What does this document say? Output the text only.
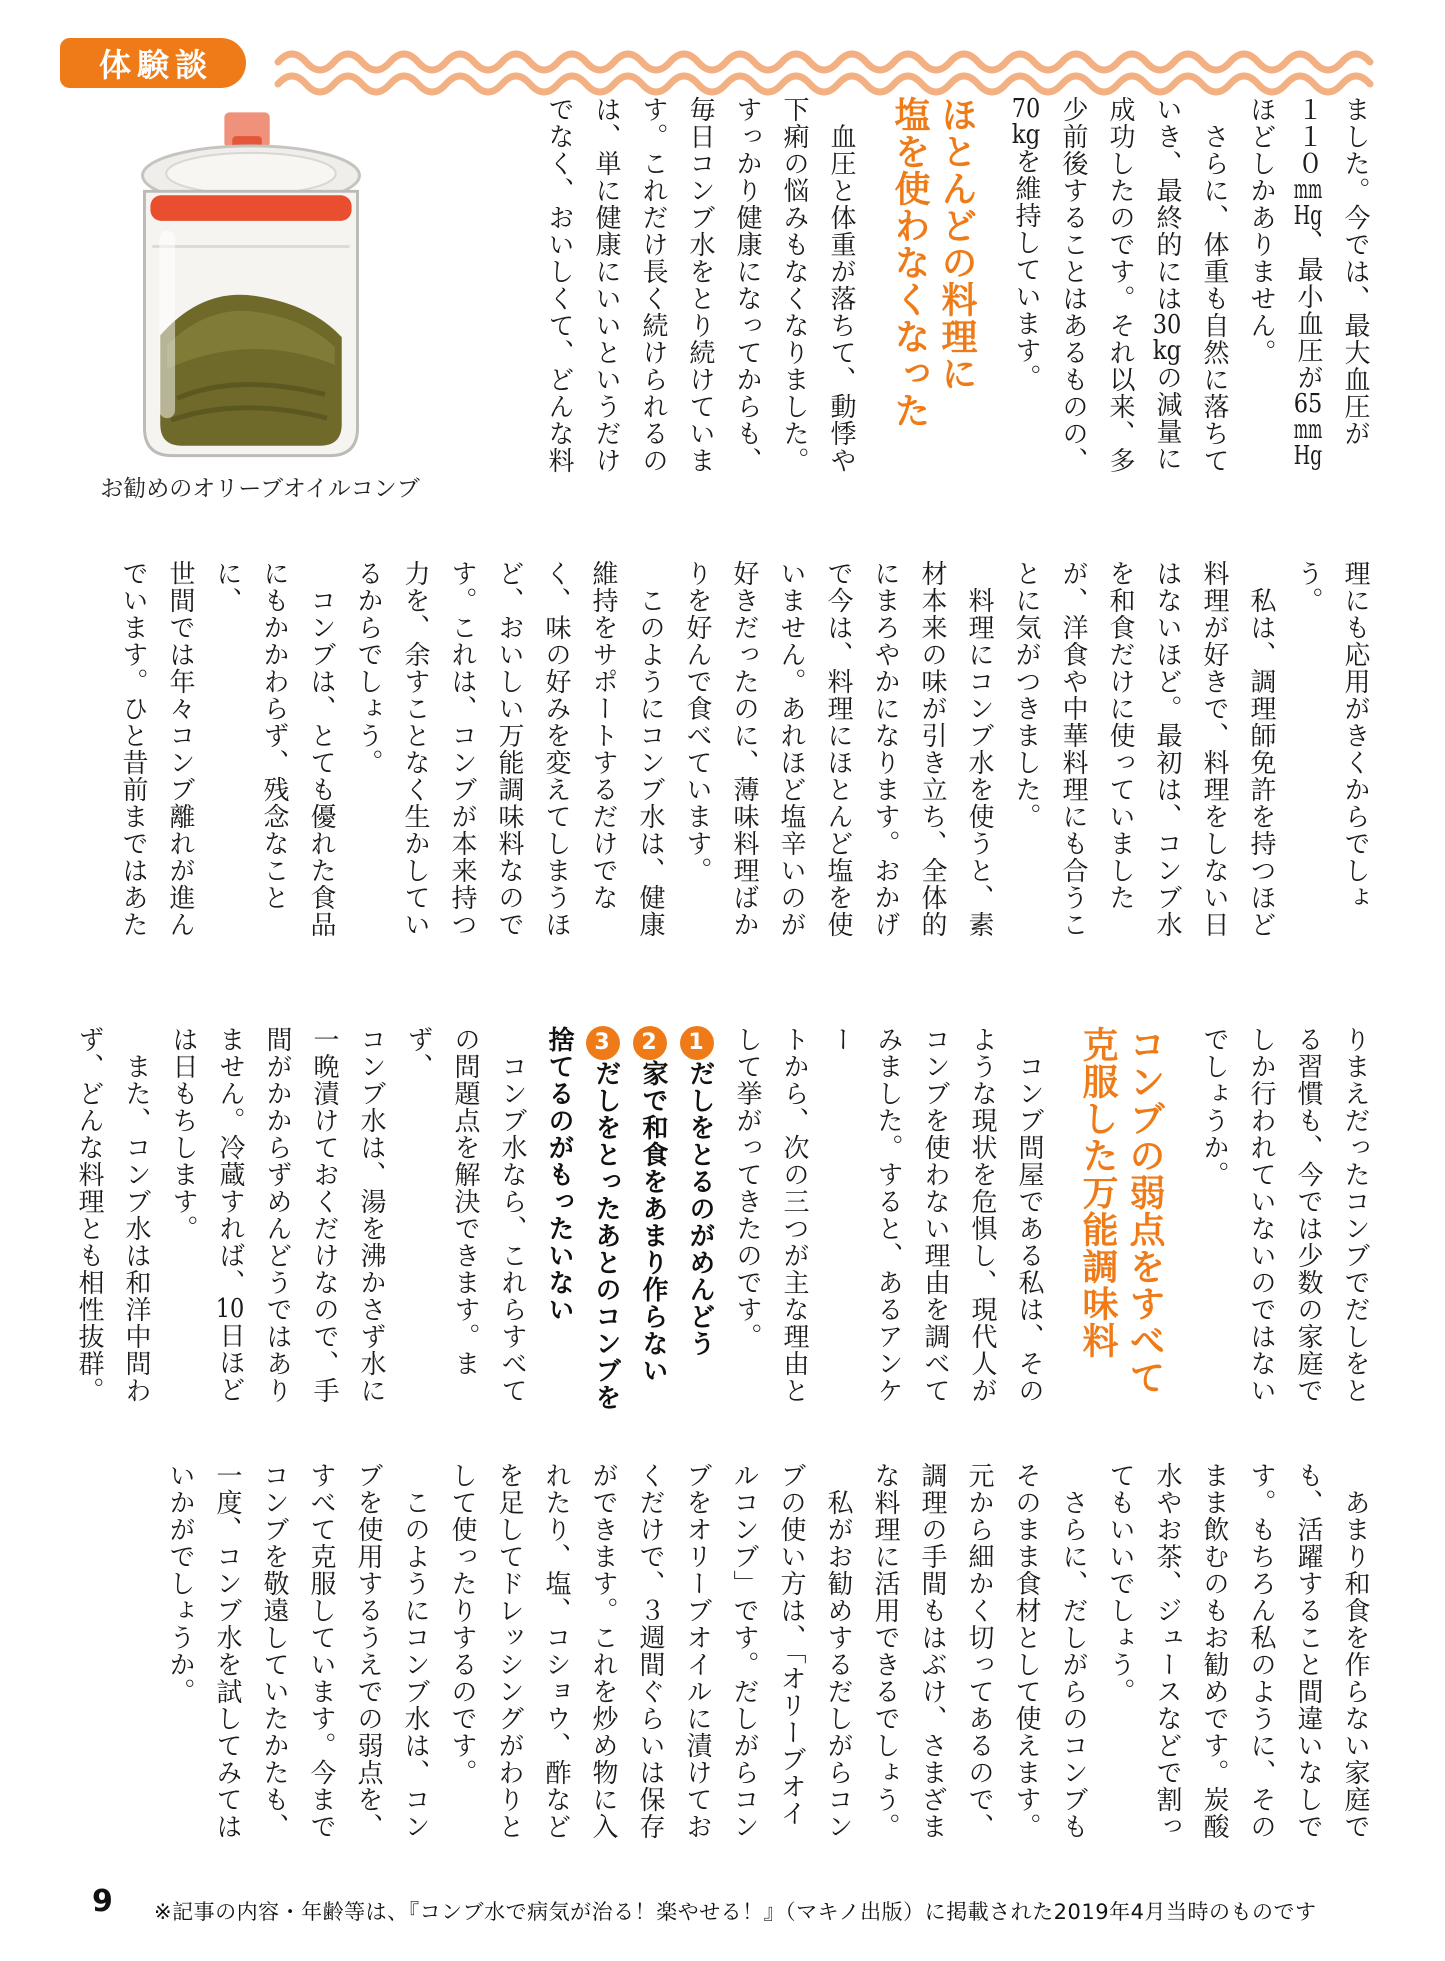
体験談
お勧めのオリーブオイルコンブ
ました。今では、最大血圧が
１１０mmHg、最小血圧が65mmHg
ほどしかありません。
　さらに、体重も自然に落ちて
いき、最終的には30kgの減量に
成功したのです。それ以来、多
少前後することはあるものの、
70kgを維持しています。
ほとんどの料理に
塩を使わなくなった
　血圧と体重が落ちて、動悸や
下痢の悩みもなくなりました。
すっかり健康になってからも、
毎日コンブ水をとり続けていま
す。これだけ長く続けられるの
は、単に健康にいいというだけ
でなく、おいしくて、どんな料
理にも応用がきくからでしょ
う。
　私は、調理師免許を持つほど
料理が好きで、料理をしない日
はないほど。最初は、コンブ水
を和食だけに使っていました
が、洋食や中華料理にも合うこ
とに気がつきました。
　料理にコンブ水を使うと、素
材本来の味が引き立ち、全体的
にまろやかになります。おかげ
で今は、料理にほとんど塩を使
いません。あれほど塩辛いのが
好きだったのに、薄味料理ばか
りを好んで食べています。
　このようにコンブ水は、健康
維持をサポートするだけでな
く、味の好みを変えてしまうほ
ど、おいしい万能調味料なので
す。これは、コンブが本来持つ
力を、余すことなく生かしてい
るからでしょう。
　コンブは、とても優れた食品
にもかかわらず、残念なことに、
世間では年々コンブ離れが進ん
でいます。ひと昔前まではあた
りまえだったコンブでだしをと
る習慣も、今では少数の家庭で
しか行われていないのではない
でしょうか。
コンブの弱点をすべて
克服した万能調味料
　コンブ問屋である私は、その
ような現状を危惧し、現代人が
コンブを使わない理由を調べて
みました。すると、あるアンケー
トから、次の三つが主な理由と
して挙がってきたのです。
1だしをとるのがめんどう
2家で和食をあまり作らない
3だしをとったあとのコンブを
捨てるのがもったいない
　コンブ水なら、これらすべて
の問題点を解決できます。まず、
コンブ水は、湯を沸かさず水に
一晩漬けておくだけなので、手
間がかからずめんどうではあり
ません。冷蔵すれば、10日ほど
は日もちします。
　また、コンブ水は和洋中問わ
ず、どんな料理とも相性抜群。
　あまり和食を作らない家庭で
も、活躍すること間違いなしで
す。もちろん私のように、その
まま飲むのもお勧めです。炭酸
水やお茶、ジュースなどで割っ
てもいいでしょう。
　さらに、だしがらのコンブも
そのまま食材として使えます。
元から細かく切ってあるので、
調理の手間もはぶけ、さまざま
な料理に活用できるでしょう。
　私がお勧めするだしがらコン
ブの使い方は、「オリーブオイ
ルコンブ」です。だしがらコン
ブをオリーブオイルに漬けてお
くだけで、３週間ぐらいは保存
ができます。これを炒め物に入
れたり、塩、コショウ、酢など
を足してドレッシングがわりと
して使ったりするのです。
　このようにコンブ水は、コン
ブを使用するうえでの弱点を、
すべて克服しています。今まで
コンブを敬遠していたかたも、
一度、コンブ水を試してみては
いかがでしょうか。
9 ※記事の内容・年齢等は、『コンブ水で病気が治る！楽やせる！』（マキノ出版）に掲載された2019年4月当時のものです
